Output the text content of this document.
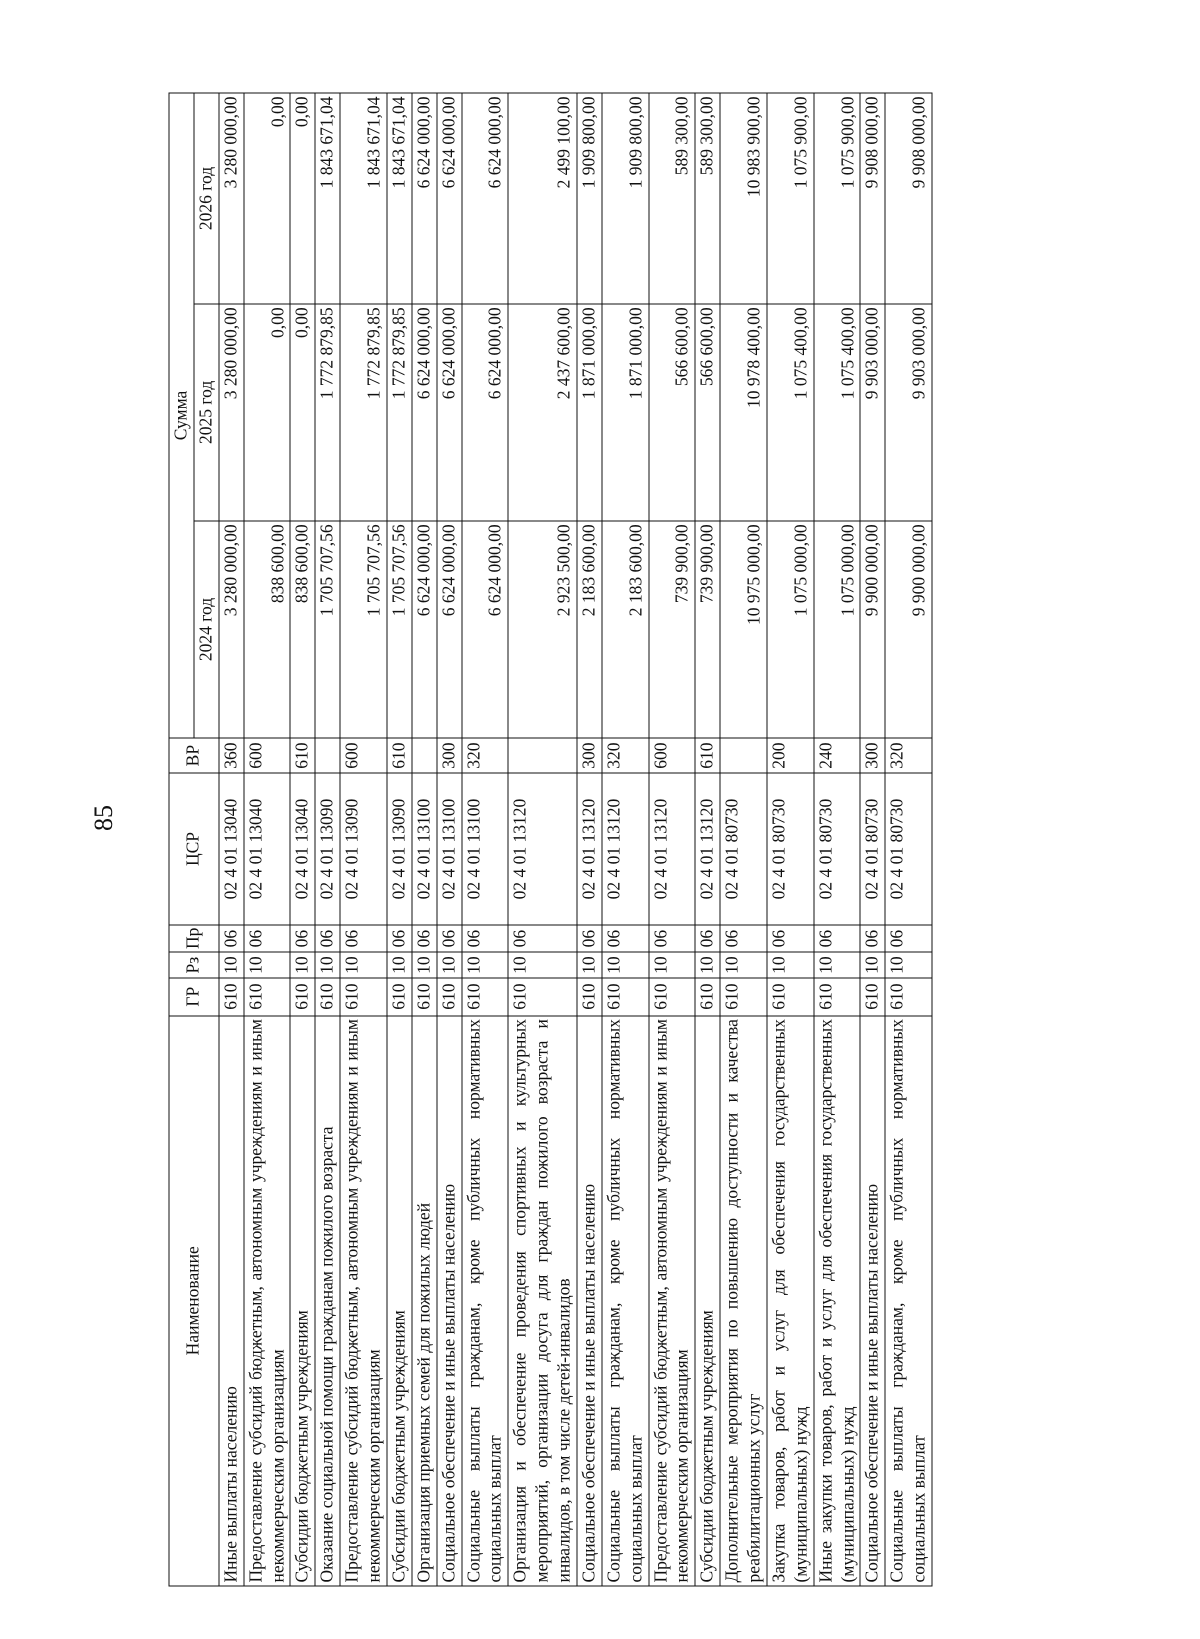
85
Наименование	ГР	Рз	Пр	ЦСР	ВР	Сумма		
						2024 год	2025 год	2026 год
Иные выплаты населению	610	10	06	02 4 01 13040	360	3 280 000,00	3 280 000,00	3 280 000,00
Предоставление субсидий бюджетным, автономным учреждениям и иным некоммерческим организациям	610	10	06	02 4 01 13040	600	838 600,00	0,00	0,00
Субсидии бюджетным учреждениям	610	10	06	02 4 01 13040	610	838 600,00	0,00	0,00
Оказание социальной помощи гражданам пожилого возраста	610	10	06	02 4 01 13090		1 705 707,56	1 772 879,85	1 843 671,04
Предоставление субсидий бюджетным, автономным учреждениям и иным некоммерческим организациям	610	10	06	02 4 01 13090	600	1 705 707,56	1 772 879,85	1 843 671,04
Субсидии бюджетным учреждениям	610	10	06	02 4 01 13090	610	1 705 707,56	1 772 879,85	1 843 671,04
Организация приемных семей для пожилых людей	610	10	06	02 4 01 13100		6 624 000,00	6 624 000,00	6 624 000,00
Социальное обеспечение и иные выплаты населению	610	10	06	02 4 01 13100	300	6 624 000,00	6 624 000,00	6 624 000,00
Социальные выплаты гражданам, кроме публичных нормативных социальных выплат	610	10	06	02 4 01 13100	320	6 624 000,00	6 624 000,00	6 624 000,00
Организация и обеспечение проведения спортивных и культурных мероприятий, организации досуга для граждан пожилого возраста и инвалидов, в том числе детей-инвалидов	610	10	06	02 4 01 13120		2 923 500,00	2 437 600,00	2 499 100,00
Социальное обеспечение и иные выплаты населению	610	10	06	02 4 01 13120	300	2 183 600,00	1 871 000,00	1 909 800,00
Социальные выплаты гражданам, кроме публичных нормативных социальных выплат	610	10	06	02 4 01 13120	320	2 183 600,00	1 871 000,00	1 909 800,00
Предоставление субсидий бюджетным, автономным учреждениям и иным некоммерческим организациям	610	10	06	02 4 01 13120	600	739 900,00	566 600,00	589 300,00
Субсидии бюджетным учреждениям	610	10	06	02 4 01 13120	610	739 900,00	566 600,00	589 300,00
Дополнительные мероприятия по повышению доступности и качества реабилитационных услуг	610	10	06	02 4 01 80730		10 975 000,00	10 978 400,00	10 983 900,00
Закупка товаров, работ и услуг для обеспечения государственных (муниципальных) нужд	610	10	06	02 4 01 80730	200	1 075 000,00	1 075 400,00	1 075 900,00
Иные закупки товаров, работ и услуг для обеспечения государственных (муниципальных) нужд	610	10	06	02 4 01 80730	240	1 075 000,00	1 075 400,00	1 075 900,00
Социальное обеспечение и иные выплаты населению	610	10	06	02 4 01 80730	300	9 900 000,00	9 903 000,00	9 908 000,00
Социальные выплаты гражданам, кроме публичных нормативных социальных выплат	610	10	06	02 4 01 80730	320	9 900 000,00	9 903 000,00	9 908 000,00
